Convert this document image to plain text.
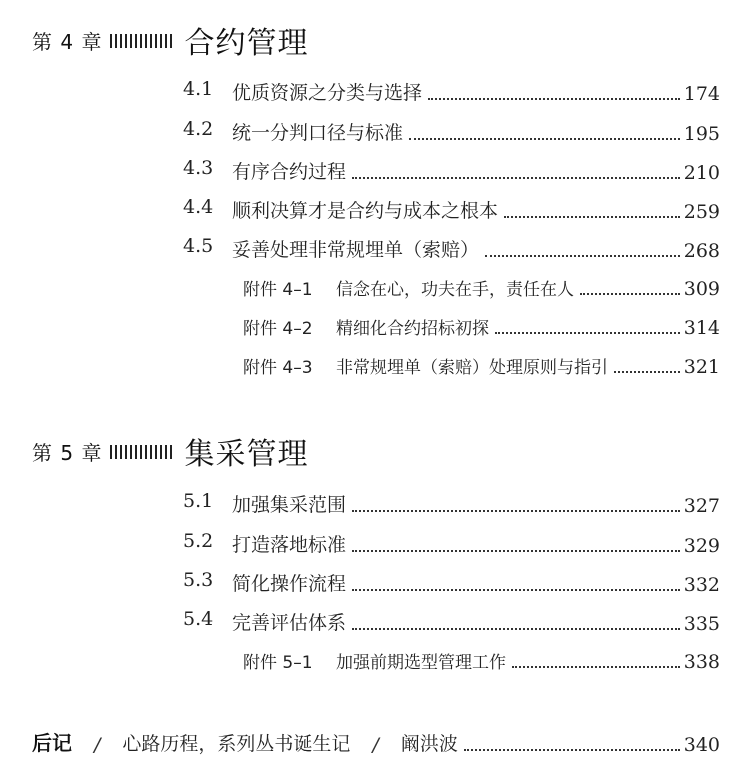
第 4 章	合约管理
4.1 优质资源之分类与选择	174
4.2 统一分判口径与标准	195
4.3 有序合约过程	210
4.4 顺利决算才是合约与成本之根本	259
4.5 妥善处理非常规埋单（索赔）	268
附件 4–1 信念在心，功夫在手，责任在人	309
附件 4–2 精细化合约招标初探	314
附件 4–3 非常规埋单（索赔）处理原则与指引	321
第 5 章	集采管理
5.1 加强集采范围	327
5.2 打造落地标准	329
5.3 简化操作流程	332
5.4 完善评估体系	335
附件 5–1 加强前期选型管理工作	338
后记 / 心路历程，系列丛书诞生记 / 阚洪波	340
